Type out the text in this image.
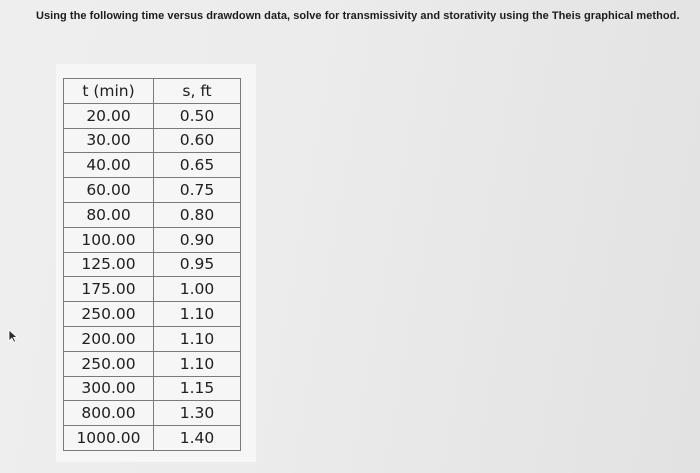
Using the following time versus drawdown data, solve for transmissivity and storativity using the Theis graphical method.
t (min)	s, ft
20.00	0.50
30.00	0.60
40.00	0.65
60.00	0.75
80.00	0.80
100.00	0.90
125.00	0.95
175.00	1.00
250.00	1.10
200.00	1.10
250.00	1.10
300.00	1.15
800.00	1.30
1000.00	1.40
